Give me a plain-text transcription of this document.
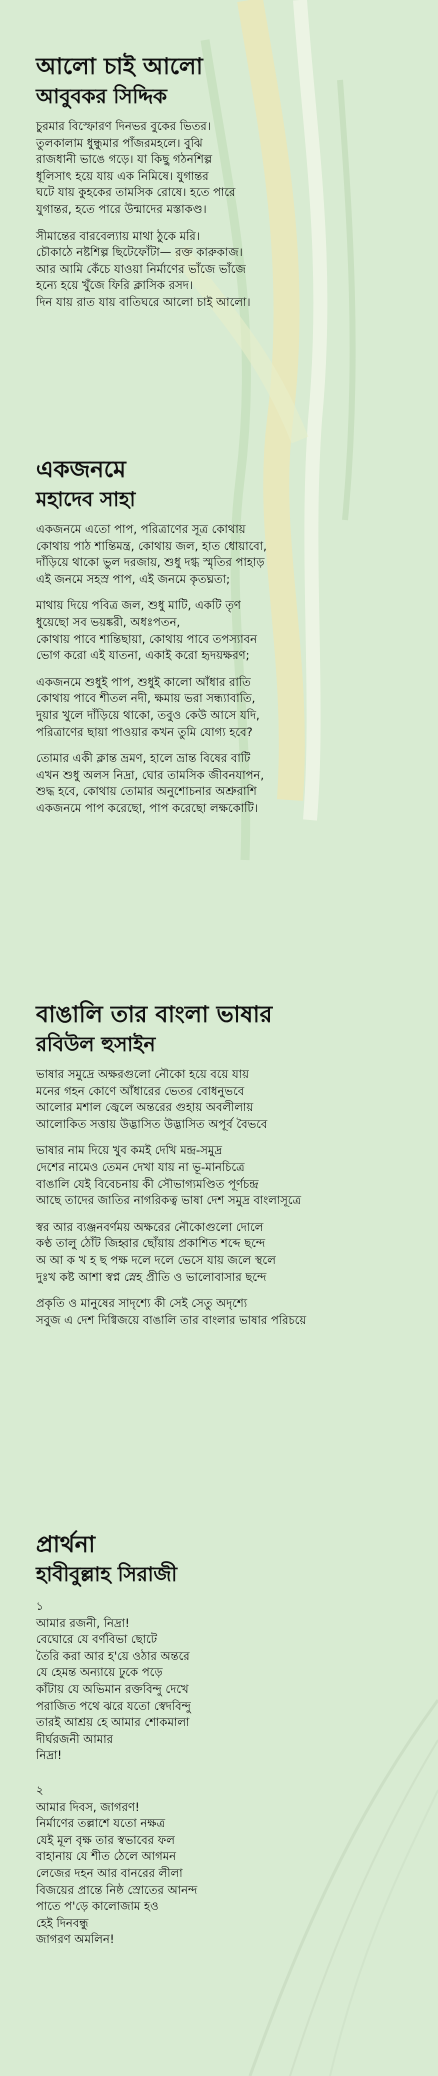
আলো চাই আলো
আবুবকর সিদ্দিক
চুরমার বিস্ফোরণ দিনভর বুকের ভিতর।
তুলকালাম ধুন্ধুমার পাঁজরমহলে। বুঝি
রাজধানী ভাঙে গড়ে। যা কিছু গঠনশিল্প
ধূলিসাৎ হয়ে যায় এক নিমিষে। যুগান্তর
ঘটে যায় কুহকের তামসিক রোষে। হতে পারে
যুগান্তর, হতে পারে উন্মাদের মস্তাকণ্ড।
সীমান্তের বারবেল্যায় মাথা ঠুকে মরি।
চৌকাঠে নষ্টশিল্প ছিটেফোঁটা— রক্ত কারুকাজ।
আর আমি কেঁচে যাওয়া নির্মাণের ভাঁজে ভাঁজে
হন্যে হয়ে খুঁজে ফিরি ক্লাসিক রসদ।
দিন যায় রাত যায় বাতিঘরে আলো চাই আলো।
একজনমে
মহাদেব সাহা
একজনমে এতো পাপ, পরিত্রাণের সূত্র কোথায়
কোথায় পাঠ শান্তিমন্ত্র, কোথায় জল, হাত ধোয়াবো,
দাঁড়িয়ে থাকো ভুল দরজায়, শুধু দগ্ধ স্মৃতির পাহাড়
এই জনমে সহস্র পাপ, এই জনমে কৃতঘ্নতা;
মাথায় দিয়ে পবিত্র জল, শুধু মাটি, একটি তৃণ
ধুয়েছো সব ভয়ঙ্করী, অধঃপতন,
কোথায় পাবে শান্তিছায়া, কোথায় পাবে তপস্যাবন
ভোগ করো এই যাতনা, একাই করো হৃদয়ক্ষরণ;
একজনমে শুধুই পাপ, শুধুই কালো আঁধার রাতি
কোথায় পাবে শীতল নদী, ক্ষমায় ভরা সন্ধ্যাবাতি,
দুয়ার খুলে দাঁড়িয়ে থাকো, তবুও কেউ আসে যদি,
পরিত্রাণের ছায়া পাওয়ার কখন তুমি যোগ্য হবে?
তোমার একী ক্লান্ত ভ্রমণ, হালে ভ্রান্ত বিষের বাটি
এখন শুধু অলস নিদ্রা, ঘোর তামসিক জীবনযাপন,
শুদ্ধ হবে, কোথায় তোমার অনুশোচনার অশ্রুরাশি
একজনমে পাপ করেছো, পাপ করেছো লক্ষকোটি।
বাঙালি তার বাংলা ভাষার
রবিউল হুসাইন
ভাষার সমুদ্রে অক্ষরগুলো নৌকো হয়ে বয়ে যায়
মনের গহন কোণে আঁধারের ভেতর বোধনুভবে
আলোর মশাল জ্বেলে অন্তরের গুহায় অবলীলায়
আলোকিত সত্তায় উদ্ভাসিত উদ্ভাসিত অপূর্ব বৈভবে
ভাষার নাম দিয়ে খুব কমই দেখি মন্দ্র-সমুদ্র
দেশের নামেও তেমন দেখা যায় না ভূ-মানচিত্রে
বাঙালি যেই বিবেচনায় কী সৌভাগ্যমণ্ডিত পূর্ণচন্দ্র
আছে তাদের জাতির নাগরিকত্ব ভাষা দেশ সমুদ্র বাংলাসূত্রে
স্বর আর ব্যঞ্জনবর্ণময় অক্ষরের নৌকোগুলো দোলে
কণ্ঠ তালু ঠোঁট জিহ্বার ছোঁয়ায় প্রকাশিত শব্দে ছন্দে
অ আ ক খ হ ছ পক্ষ দলে দলে ভেসে যায় জলে স্থলে
দুঃখ কষ্ট আশা স্বপ্ন স্নেহ প্রীতি ও ভালোবাসার ছন্দে
প্রকৃতি ও মানুষের সাদৃশ্যে কী সেই সেতু অদৃশ্যে
সবুজ এ দেশ দিগ্বিজয়ে বাঙালি তার বাংলার ভাষার পরিচয়ে
প্রার্থনা
হাবীবুল্লাহ সিরাজী
১
আমার রজনী, নিদ্রা!
বেঘোরে যে বর্ণবিভা ছোটে
তৈরি করা আর হ'য়ে ওঠার অন্তরে
যে হেমন্ত অন্যায়ে ঢুকে পড়ে
কাঁটায় যে অভিমান রক্তবিন্দু দেখে
পরাজিত পথে ঝরে যতো স্বেদবিন্দু
তারই আশ্রয় হে আমার শোকমালা
দীর্ঘরজনী আমার
নিদ্রা!
২
আমার দিবস, জাগরণ!
নির্মাণের তল্লাশে যতো নক্ষত্র
যেই মূল বৃক্ষ তার স্বভাবের ফল
বাহানায় যে শীত ঠেলে আগমন
লেজের দহন আর বানরের লীলা
বিজয়ের প্রান্তে নিষ্ঠ স্রোতের আনন্দ
পাতে প'ড়ে কালোজাম হও
হেই দিনবন্ধু
জাগরণ অমলিন!
